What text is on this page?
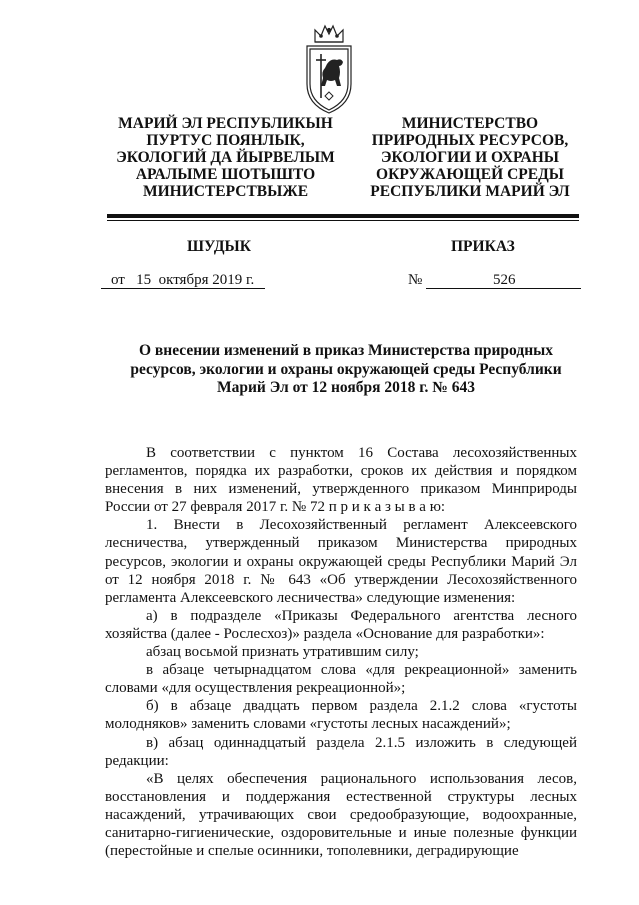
МАРИЙ ЭЛ РЕСПУБЛИКЫН
ПУРТУС ПОЯНЛЫК,
ЭКОЛОГИЙ ДА ЙЫРВЕЛЫМ
АРАЛЫМЕ ШОТЫШТО
МИНИСТЕРСТВЫЖЕ
МИНИСТЕРСТВО
ПРИРОДНЫХ РЕСУРСОВ,
ЭКОЛОГИИ И ОХРАНЫ
ОКРУЖАЮЩЕЙ СРЕДЫ
РЕСПУБЛИКИ МАРИЙ ЭЛ
ШУДЫК	ПРИКАЗ
от   15  октября 2019 г.	№	526
О внесении изменений в приказ Министерства природных
ресурсов, экологии и охраны окружающей среды Республики
Марий Эл от 12 ноября 2018 г. № 643

В соответствии с пунктом 16 Состава лесохозяйственных регламентов, порядка их разработки, сроков их действия и порядком внесения в них изменений, утвержденного приказом Минприроды России от 27 февраля 2017 г. № 72 п р и к а з ы в а ю:

1. Внести в Лесохозяйственный регламент Алексеевского лесничества, утвержденный приказом Министерства природных ресурсов, экологии и охраны окружающей среды Республики Марий Эл от 12 ноября 2018 г. № 643 «Об утверждении Лесохозяйственного регламента Алексеевского лесничества» следующие изменения:

а) в подразделе «Приказы Федерального агентства лесного хозяйства (далее - Рослесхоз)» раздела «Основание для разработки»:

абзац восьмой признать утратившим силу;

в абзаце четырнадцатом слова «для рекреационной» заменить словами «для осуществления рекреационной»;

б) в абзаце двадцать первом раздела 2.1.2 слова «густоты молодняков» заменить словами «густоты лесных насаждений»;

в) абзац одиннадцатый раздела 2.1.5 изложить в следующей редакции:

«В целях обеспечения рационального использования лесов, восстановления и поддержания естественной структуры лесных насаждений, утрачивающих свои средообразующие, водоохранные, санитарно-гигиенические, оздоровительные и иные полезные функции (перестойные и спелые осинники, тополевники, деградирующие
